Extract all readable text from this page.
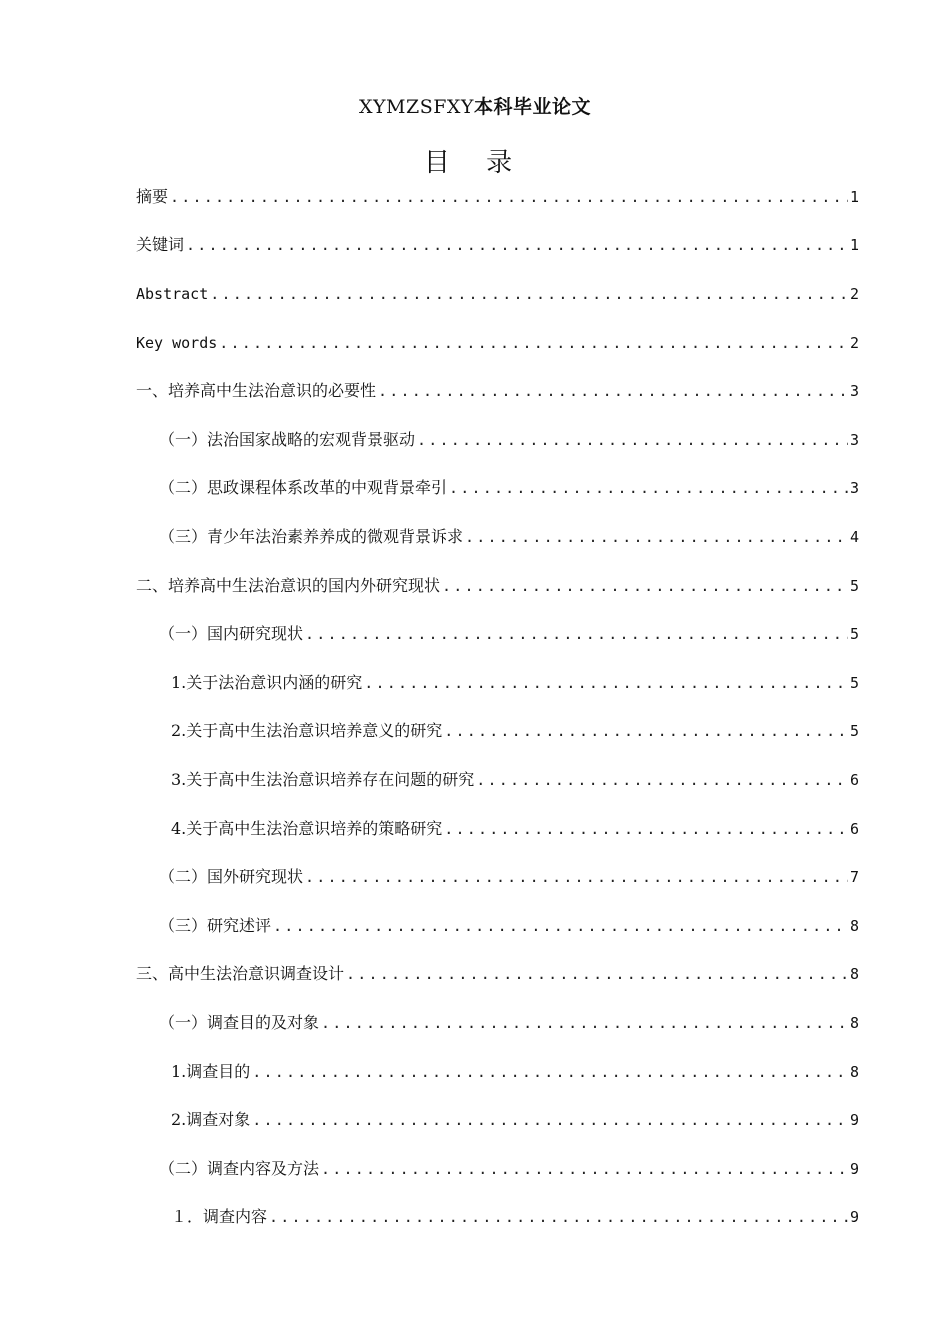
XYMZSFXY本科毕业论文
目 录
摘要 .....	1
关键词 .....	1
Abstract .....	2
Key words .....	2
一、培养高中生法治意识的必要性 .....	3
（一）法治国家战略的宏观背景驱动 .....	3
（二）思政课程体系改革的中观背景牵引 .....	3
（三）青少年法治素养养成的微观背景诉求 .....	4
二、培养高中生法治意识的国内外研究现状 .....	5
（一）国内研究现状 .....	5
1.关于法治意识内涵的研究 .....	5
2.关于高中生法治意识培养意义的研究 .....	5
3.关于高中生法治意识培养存在问题的研究 .....	6
4.关于高中生法治意识培养的策略研究 .....	6
（二）国外研究现状 .....	7
（三）研究述评 .....	8
三、高中生法治意识调查设计 .....	8
（一）调查目的及对象 .....	8
1.调查目的 .....	8
2.调查对象 .....	9
（二）调查内容及方法 .....	9
１．调查内容 .....	9
